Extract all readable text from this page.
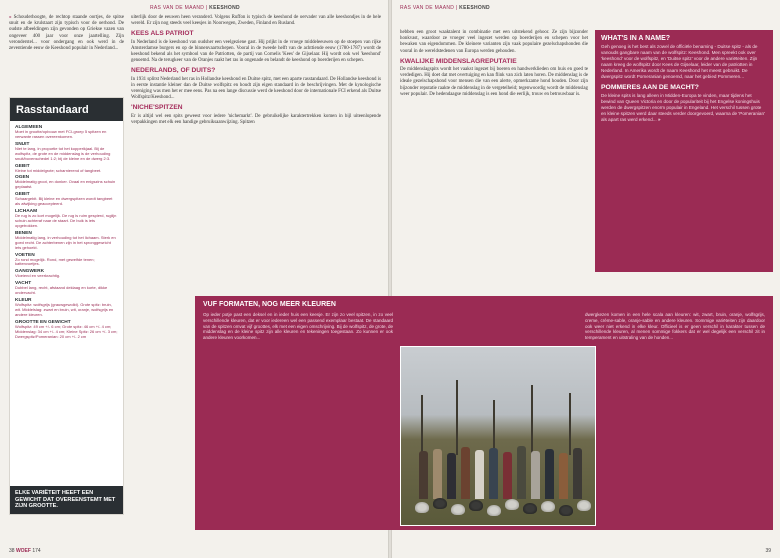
RAS VAN DE MAAND | KEESHOND
« Schouderhoogte, de rechtop staande oortjes, de spitse snuit en de krulstaart zijn typisch voor de oerhond. De oudste afbeeldingen zijn gevonden op Griekse vazen van ongeveer 400 jaar voor onze jaartelling. Zijn veronderstel... voor ondergang en ook werd in de zeventiende eeuw de Keeshond populair in Nederland...
Rasstandaard
ALGEMEEN
Moet in grootte/opbouw met FCI-groep 5 spitzen en verwante rassen overeenkomen.
SNUIT
Niet te lang, in proportie tot het kopperikjaal. Bij de wolfspitz, de grote en de middenslag is de verhouding snuit/bovenschedel 1:2; bij de kleine en de dwerg 2:3.
GEBIT
Kleine tot middelgrote; scharnierend of tangbeet.
OGEN
Middelmatig groot, en donker. Ovaal en enigszins schuin geplaatst.
GEBIT
Schaargebit. Bij kleine en dwergspitzen wordt tangbeet als afwijking geaccepteerd.
LICHAAM
De rug is zo kort mogelijk. De rug is ruim gespierd, ruglijn schuin achteraf naar de staart. De buik is iets opgetrokken.
BENEN
Middelmatig lang, in verhouding tot het lichaam. Sterk en goed recht. De achterbenen zijn in het spronggewricht iets gehoekt.
VOETEN
Zo rond mogelijk. Rond, met gewelfde tenen; kattenvoetjes.
GANGWERK
Vloeiend en veerkrachtig.
VACHT
Dubbel lang, recht, afstaand deklaag en korte, dikke ondervacht.
KLEUR
Wolfspitz: wolfsgrijs (grauwgewolkt). Grote spitz: bruin, wit. Middelslag: zwart en bruin, wit, oranje, wolfsgrijs en andere kleuren.
GROOTTE EN GEWICHT
Wolfspitz: 49 cm +/- 6 cm; Grote spitz: 46 cm +/- 4 cm; Middenslag: 34 cm +/- 4 cm; Kleine Spitz: 26 cm +/- 3 cm; Dwergspitz/Pomeranian: 20 cm +/- 2 cm
ELKE VARIËTEIT HEEFT EEN GEWICHT DAT OVEREENSTEMT MET ZIJN GROOTTE.

uiterlijk door de eeuwen heen veranderd. Volgens Ruffon is typisch de keeshond de oervader van alle keeshondjes in de hele wereld. Er zijn nog steeds veel keesjes in Noorwegen, Zweden, Finland en Rusland.

KEES ALS PATRIOT

In Nederland is de keeshond van oudsher een veelgeziene gast. Hij prijkt in de vroege middeleeuwen op de stoepen van rijke Amsterdamse burgers en op de binnenvaartschepen. Vooral in de tweede helft van de achttiende eeuw (1780-1787) wordt de keeshond bekend als het symbool van de Patriotten, de partij van Cornelis 'Kees' de Gijselaar. Hij wordt ook wel 'keeshond' genoemd. Na de terugkeer van de Oranjes raakt het ras in ongenade en belandt de keeshond op boerderijen en schepen.

NEDERLANDS, OF DUITS?

In 1931 splitst Nederland het ras in Hollandse keeshond en Duitse spitz, met een aparte rasstandaard. De Hollandse keeshond is in eerste instantie kleiner dan de Duitse wolfspitz en houdt zijn eigen standaard in de beschrijvingen. Met de kynologische vereniging was men het er mee eens. Pas na een lange discussie werd de keeshond door de internationale FCI erkend als Duitse Wolfspitz/Keeshond...

'NICHE'SPITZEN

Er is altijd wel een spits geweest voor iedere 'nichemarkt'. De gebruikelijke karaktertrekken komen in bijl uiteenlopende verpakkingen met elk een handige gebruiksaanwijzing. Spitzen

38 WOEF 174
RAS VAN DE MAAND | KEESHOND

hebben een groot waaktalent in combinatie met een uitstekend gehoor. Ze zijn bijzonder honkvast, waardoor ze vroeger veel ingezet werden op boerderijen en schepen voor het bewaken van eigendommen. De kleinere varianten zijn vaak populaire gezelschapshonden die vooral in de wereldstedenen van Europa werden gehouden.

KWALIJKE MIDDENSLAGREPUTATIE

De middenslagspits wordt het vaakst ingezet bij boeren en handwerklieden om huis en goed te verdedigen. Hij doet dat met overtuiging en kan flink van zich laten horen. De middenslag is de ideale gezelschapshond voor mensen die van een alerte, opmerkzame hond houden. Door zijn bijzonder reputatie raakte de middenslag in de vergetelheid; tegenwoordig wordt de middenslag weer populair. De hedendaagse middenslag is een hond die eerlijk, trouw en betrouwbaar is.

WHAT'S IN A NAME?
Geh genoeg is het best als zowel de officiële benaming - Duitse spitz - als de vanouds gangbare naam van de wolfspitz: Keeshond. Men spreekt ook over 'keeshond' voor de wolfspitz, en 'Duitse spitz' voor de andere variëteiten. Zijn naam kreeg de wolfspitz door Kees de Gijselaar, leider van de patriotten in Nederland. In Amerika wordt de naam Keeshond het meest gebruikt. De dwergspitz wordt Pomeranian genoemd, naar het gebied Pommeren...
POMMERES AAN DE MACHT?
De kleine spits is lang alleen in Midden-Europa te vinden, maar tijdens het bewind van Queen Victoria en door de populariteit bij het Engelse koningshuis werden de dwergspitzen enorm populair in Engeland. Het verschil tussen grote en kleine spitzen werd daar steeds verder doorgevoerd, waarna de 'Pomeranian' als apart ras werd erkend... »
39
VUF FORMATEN, NOG MEER KLEUREN
Op ieder potje past een deksel en in ieder huis een keesje. Er zijn zo veel spitzen, in zo veel verschillende kleuren, dat er voor iedereen wel een passend exemplaar bestaat. De standaard van de spitzen omvat vijf groottes, elk met een eigen omschrijving. Bij de wolfspitz, de grote, de middenslag en de kleine spitz zijn alle kleuren en tekeningen toegestaan. Zo kunnen er ook andere kleuren voorkomen...
dwergkezen komen in een hele scala aan kleuren: wit, zwart, bruin, oranje, wolfsgrijs, creme, crème-sable, oranje-sable en andere kleuren. Sommige variëteiten zijn daardoor ook weer niet erkend in elke kleur. Officieel is er geen verschil in karakter tussen de verschillende kleuren, al menen sommige fokkers dat er wel degelijk een verschil zit in temperament en uitstraling van de honden...
